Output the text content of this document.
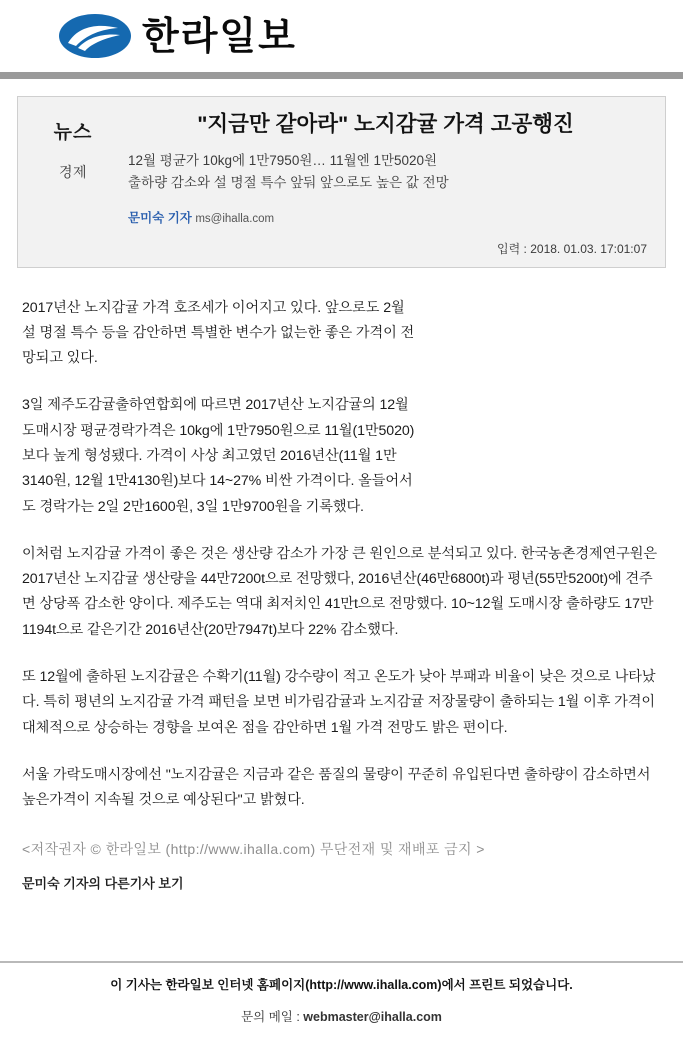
한라일보
뉴스
경제
"지금만 같아라" 노지감귤 가격 고공행진

12월 평균가 10kg에 1만7950원… 11월엔 1만5020원

출하량 감소와 설 명절 특수 앞둬 앞으로도 높은 값 전망

문미숙 기자 ms@ihalla.com
입력 : 2018. 01.03. 17:01:07

2017년산 노지감귤 가격 호조세가 이어지고 있다. 앞으로도 2월 설 명절 특수 등을 감안하면 특별한 변수가 없는한 좋은 가격이 전망되고 있다.

3일 제주도감귤출하연합회에 따르면 2017년산 노지감귤의 12월 도매시장 평균경락가격은 10kg에 1만7950원으로 11월(1만5020)보다 높게 형성됐다. 가격이 사상 최고였던 2016년산(11월 1만3140원, 12월 1만4130원)보다 14~27% 비싼 가격이다. 올들어서도 경락가는 2일 2만1600원, 3일 1만9700원을 기록했다.

이처럼 노지감귤 가격이 좋은 것은 생산량 감소가 가장 큰 원인으로 분석되고 있다. 한국농촌경제연구원은 2017년산 노지감귤 생산량을 44만7200t으로 전망했다, 2016년산(46만6800t)과 평년(55만5200t)에 견주면 상당폭 감소한 양이다. 제주도는 역대 최저치인 41만t으로 전망했다. 10~12월 도매시장 출하량도 17만1194t으로 같은기간 2016년산(20만7947t)보다 22% 감소했다.

또 12월에 출하된 노지감귤은 수확기(11월) 강수량이 적고 온도가 낮아 부패과 비율이 낮은 것으로 나타났다. 특히 평년의 노지감귤 가격 패턴을 보면 비가림감귤과 노지감귤 저장물량이 출하되는 1월 이후 가격이 대체적으로 상승하는 경향을 보여온 점을 감안하면 1월 가격 전망도 밝은 편이다.

서울 가락도매시장에선 "노지감귤은 지금과 같은 품질의 물량이 꾸준히 유입된다면 출하량이 감소하면서 높은가격이 지속될 것으로 예상된다"고 밝혔다.

<저작권자 © 한라일보 (http://www.ihalla.com) 무단전재 및 재배포 금지 >
문미숙 기자의 다른기사 보기
이 기사는 한라일보 인터넷 홈페이지(http://www.ihalla.com)에서 프린트 되었습니다.
문의 메일 : webmaster@ihalla.com
